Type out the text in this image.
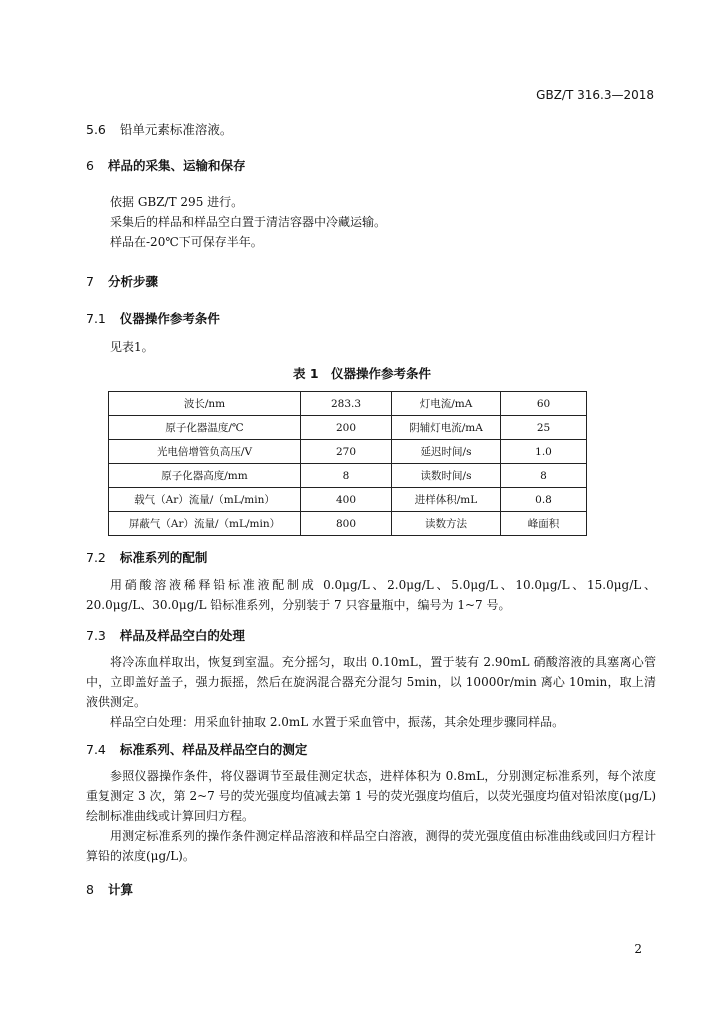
GBZ/T 316.3—2018
5.6 铅单元素标准溶液。
6 样品的采集、运输和保存
依据 GBZ/T 295 进行。
采集后的样品和样品空白置于清洁容器中冷藏运输。
样品在-20℃下可保存半年。
7 分析步骤
7.1 仪器操作参考条件
见表1。
表 1　仪器操作参考条件
波长/nm	283.3	灯电流/mA	60
原子化器温度/℃	200	阴辅灯电流/mA	25
光电倍增管负高压/V	270	延迟时间/s	1.0
原子化器高度/mm	8	读数时间/s	8
载气（Ar）流量/（mL/min）	400	进样体积/mL	0.8
屏蔽气（Ar）流量/（mL/min）	800	读数方法	峰面积
7.2 标准系列的配制
用硝酸溶液稀释铅标准液配制成 0.0μg/L、2.0μg/L、5.0μg/L、10.0μg/L、15.0μg/L、20.0μg/L、30.0μg/L 铅标准系列，分别装于 7 只容量瓶中，编号为 1~7 号。
7.3 样品及样品空白的处理
将冷冻血样取出，恢复到室温。充分摇匀，取出 0.10mL，置于装有 2.90mL 硝酸溶液的具塞离心管中，立即盖好盖子，强力振摇，然后在旋涡混合器充分混匀 5min，以 10000r/min 离心 10min，取上清液供测定。
样品空白处理：用采血针抽取 2.0mL 水置于采血管中，振荡，其余处理步骤同样品。
7.4 标准系列、样品及样品空白的测定
参照仪器操作条件，将仪器调节至最佳测定状态，进样体积为 0.8mL，分别测定标准系列，每个浓度重复测定 3 次，第 2~7 号的荧光强度均值减去第 1 号的荧光强度均值后，以荧光强度均值对铅浓度(μg/L)绘制标准曲线或计算回归方程。
用测定标准系列的操作条件测定样品溶液和样品空白溶液，测得的荧光强度值由标准曲线或回归方程计算铅的浓度(μg/L)。
8 计算
2
